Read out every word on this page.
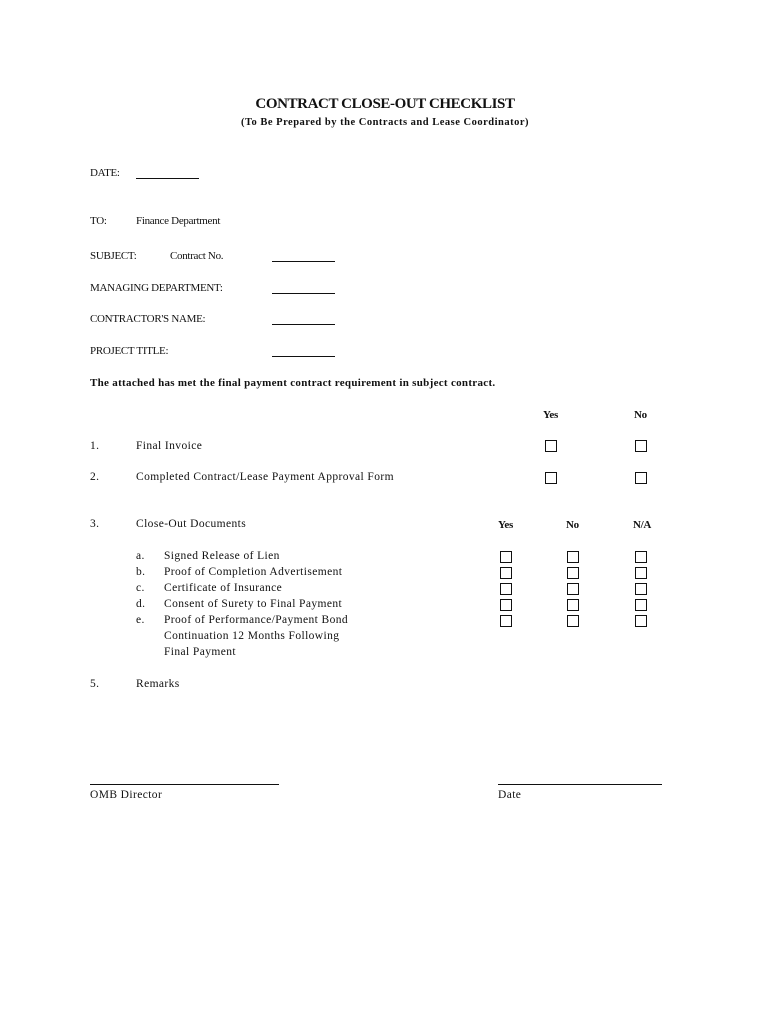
CONTRACT CLOSE-OUT CHECKLIST
(To Be Prepared by the Contracts and Lease Coordinator)
DATE:
TO:	Finance Department
SUBJECT:	Contract No.
MANAGING DEPARTMENT:
CONTRACTOR'S NAME:
PROJECT TITLE:
The attached has met the final payment contract requirement in subject contract.
Yes	No
1.	Final Invoice
2.	Completed Contract/Lease Payment Approval Form
3.	Close-Out Documents	Yes	No	N/A
a. Signed Release of Lien
b. Proof of Completion Advertisement
c. Certificate of Insurance
d. Consent of Surety to Final Payment
e. Proof of Performance/Payment Bond
Continuation 12 Months Following
Final Payment
5.	Remarks
OMB Director	Date
